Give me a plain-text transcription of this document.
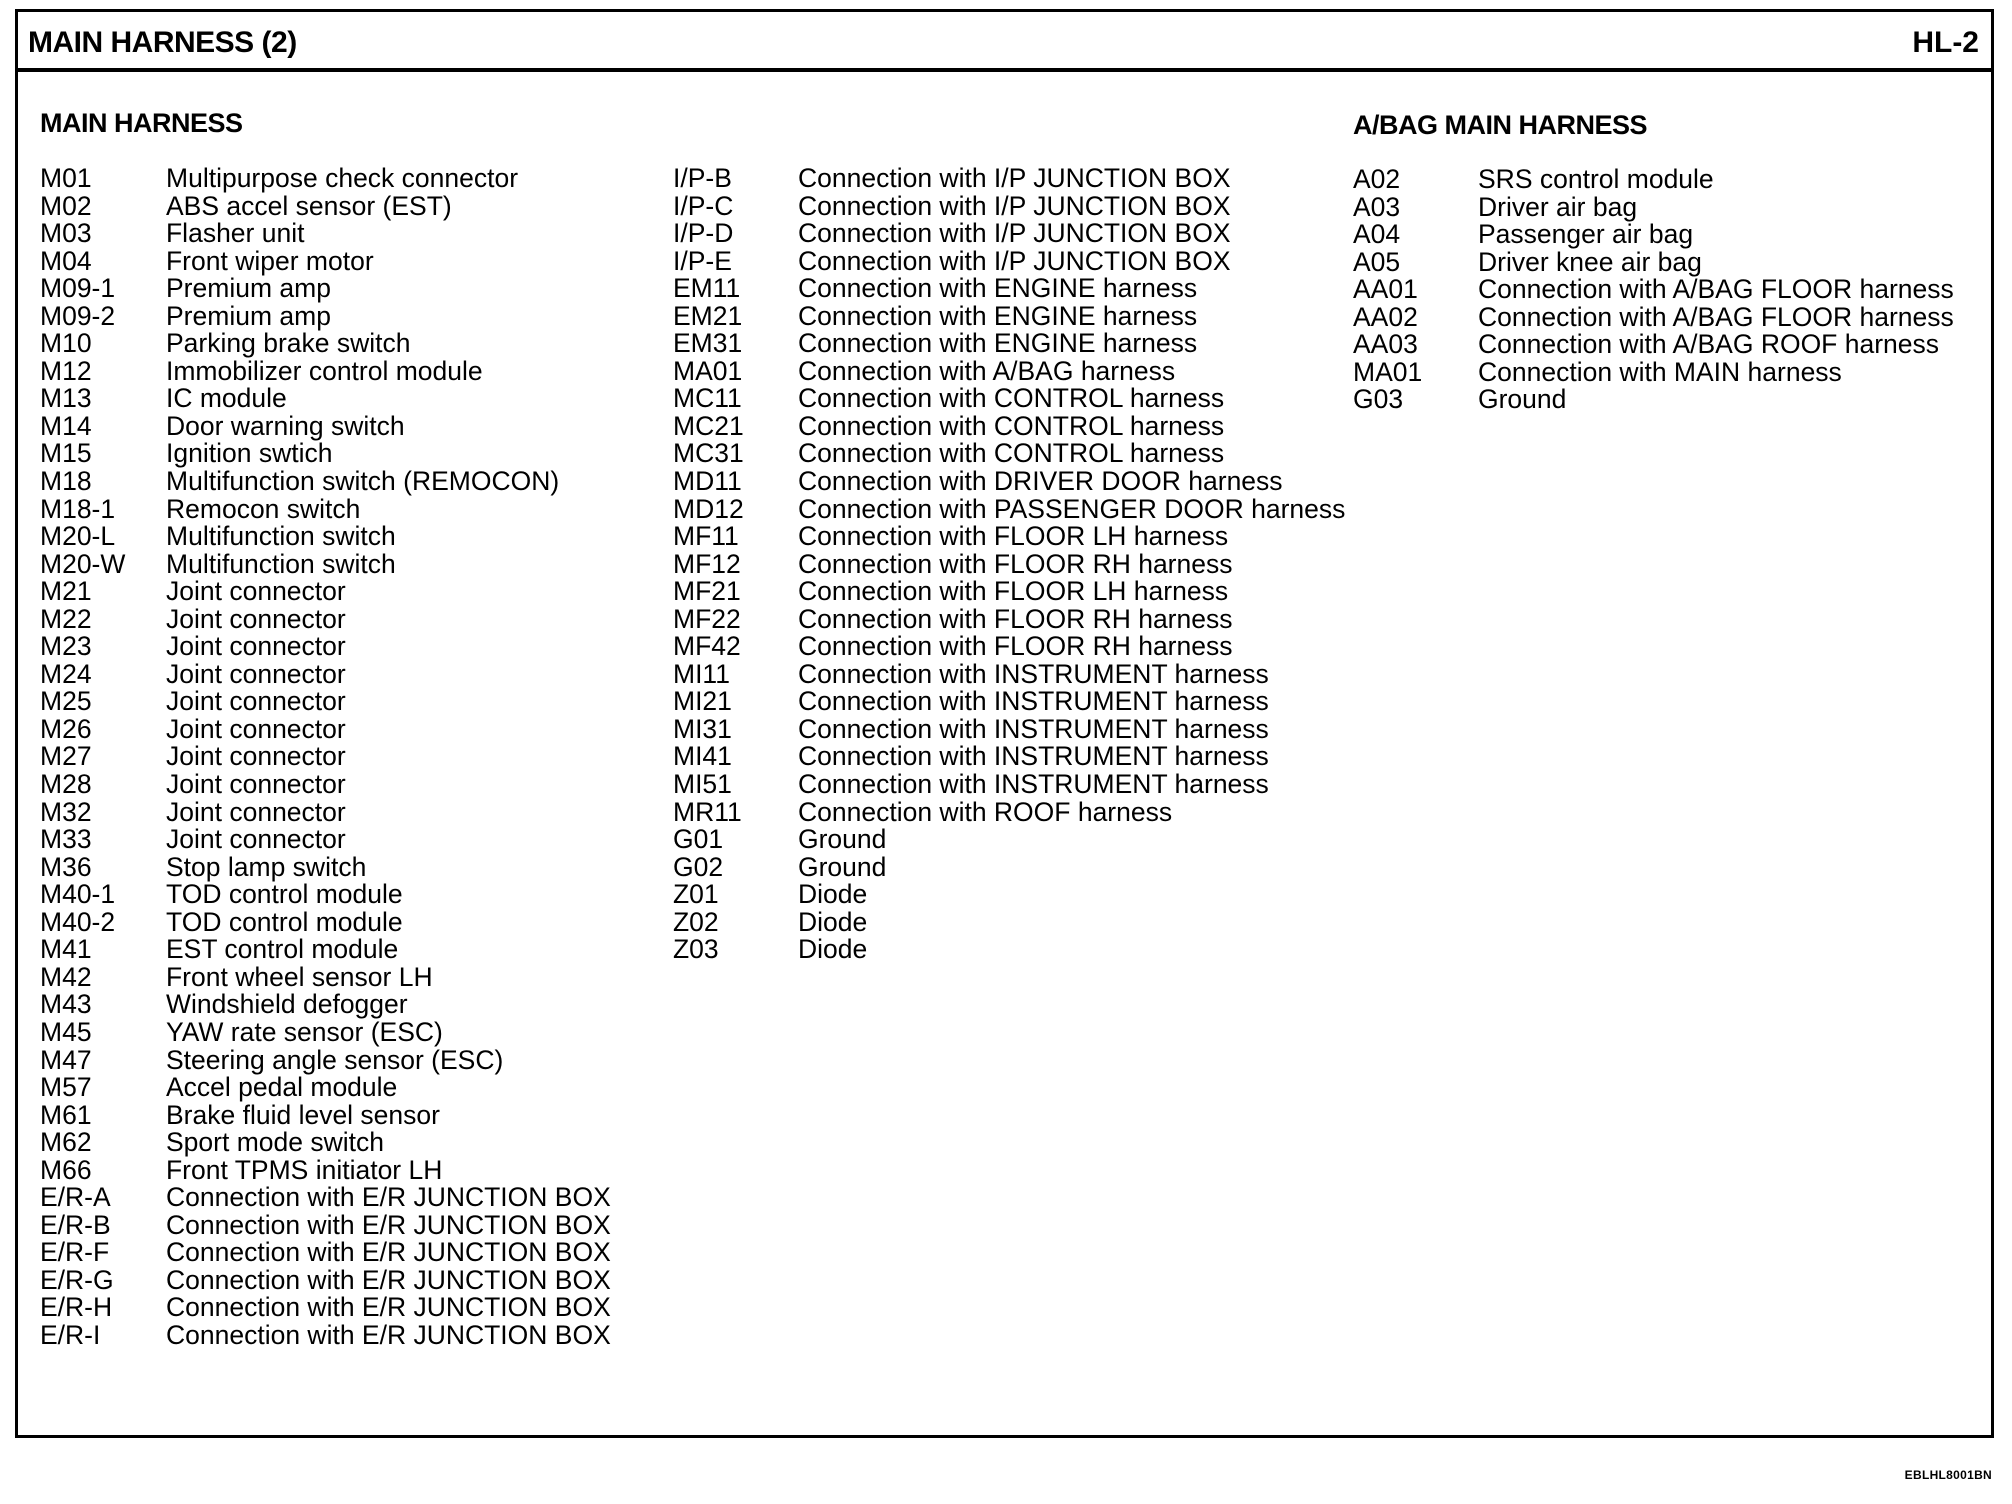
MAIN HARNESS (2)	HL-2
MAIN HARNESS	A/BAG MAIN HARNESS
M01	Multipurpose check connector
M02	ABS accel sensor (EST)
M03	Flasher unit
M04	Front wiper motor
M09-1 Premium amp
M09-2 Premium amp
M10	Parking brake switch
M12	Immobilizer control module
M13	IC module
M14	Door warning switch
M15	Ignition swtich
M18	Multifunction switch (REMOCON)
M18-1 Remocon switch
M20-L Multifunction switch
M20-W Multifunction switch
M21	Joint connector
M22	Joint connector
M23	Joint connector
M24	Joint connector
M25	Joint connector
M26	Joint connector
M27	Joint connector
M28	Joint connector
M32	Joint connector
M33	Joint connector
M36	Stop lamp switch
M40-1 TOD control module
M40-2 TOD control module
M41	EST control module
M42	Front wheel sensor LH
M43	Windshield defogger
M45	YAW rate sensor (ESC)
M47	Steering angle sensor (ESC)
M57	Accel pedal module
M61	Brake fluid level sensor
M62	Sport mode switch
M66	Front TPMS initiator LH
E/R-A Connection with E/R JUNCTION BOX
E/R-B Connection with E/R JUNCTION BOX
E/R-F Connection with E/R JUNCTION BOX
E/R-G Connection with E/R JUNCTION BOX
E/R-H Connection with E/R JUNCTION BOX
E/R-I Connection with E/R JUNCTION BOX
I/P-B Connection with I/P JUNCTION BOX
I/P-C Connection with I/P JUNCTION BOX
I/P-D Connection with I/P JUNCTION BOX
I/P-E Connection with I/P JUNCTION BOX
EM11 Connection with ENGINE harness
EM21 Connection with ENGINE harness
EM31 Connection with ENGINE harness
MA01 Connection with A/BAG harness
MC11 Connection with CONTROL harness
MC21 Connection with CONTROL harness
MC31 Connection with CONTROL harness
MD11 Connection with DRIVER DOOR harness
MD12 Connection with PASSENGER DOOR harness
MF11 Connection with FLOOR LH harness
MF12 Connection with FLOOR RH harness
MF21 Connection with FLOOR LH harness
MF22 Connection with FLOOR RH harness
MF42 Connection with FLOOR RH harness
MI11	Connection with INSTRUMENT harness
MI21 Connection with INSTRUMENT harness
MI31 Connection with INSTRUMENT harness
MI41 Connection with INSTRUMENT harness
MI51 Connection with INSTRUMENT harness
MR11 Connection with ROOF harness
G01	Ground
G02	Ground
Z01	Diode
Z02	Diode
Z03	Diode
A02	SRS control module
A03	Driver air bag
A04	Passenger air bag
A05	Driver knee air bag
AA01 Connection with A/BAG FLOOR harness
AA02 Connection with A/BAG FLOOR harness
AA03 Connection with A/BAG ROOF harness
MA01 Connection with MAIN harness
G03	Ground
EBLHL8001BN
